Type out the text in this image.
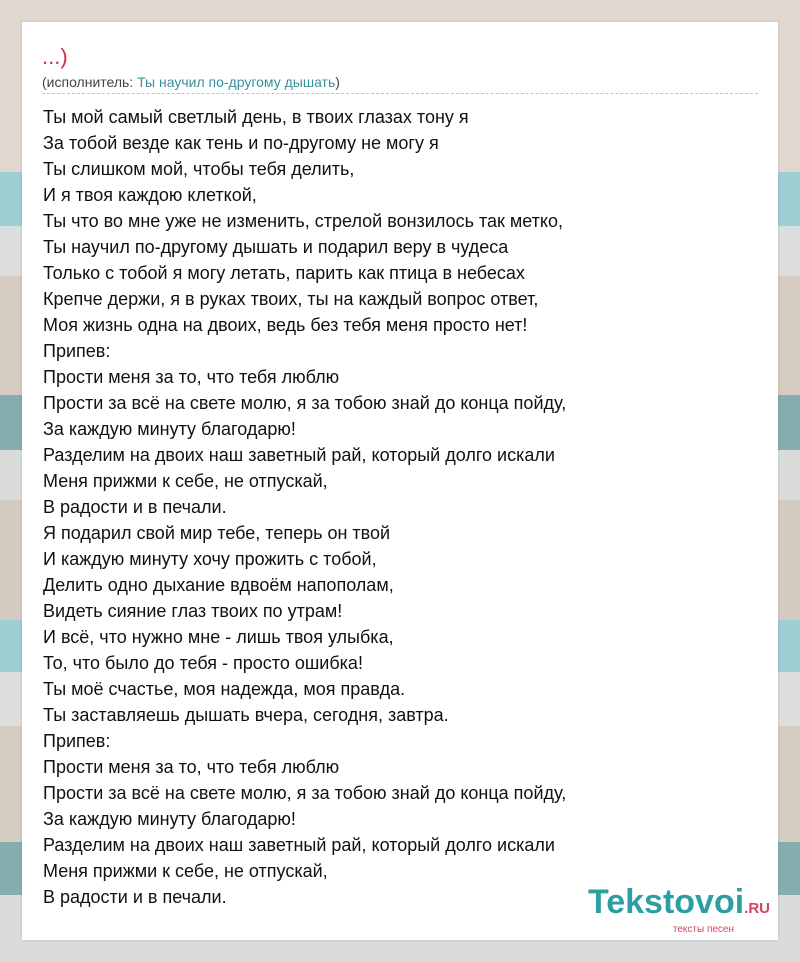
...)
(исполнитель: Ты научил по-другому дышать)
Ты мой самый светлый день, в твоих глазах тону я
За тобой везде как тень и по-другому не могу я
Ты слишком мой, чтобы тебя делить,
И я твоя каждою клеткой,
Ты что во мне уже не изменить, стрелой вонзилось так метко,
Ты научил по-другому дышать и подарил веру в чудеса
Только с тобой я могу летать, парить как птица в небесах
Крепче держи, я в руках твоих, ты на каждый вопрос ответ,
Моя жизнь одна на двоих, ведь без тебя меня просто нет!
Припев:
Прости меня за то, что тебя люблю
Прости за всё на свете молю, я за тобою знай до конца пойду,
За каждую минуту благодарю!
Разделим на двоих наш заветный рай, который долго искали
Меня прижми к себе, не отпускай,
В радости и в печали.
Я подарил свой мир тебе, теперь он твой
И каждую минуту хочу прожить с тобой,
Делить одно дыхание вдвоём напополам,
Видеть сияние глаз твоих по утрам!
И всё, что нужно мне - лишь твоя улыбка,
То, что было до тебя - просто ошибка!
Ты моё счастье, моя надежда, моя правда.
Ты заставляешь дышать вчера, сегодня, завтра.
Припев:
Прости меня за то, что тебя люблю
Прости за всё на свете молю, я за тобою знай до конца пойду,
За каждую минуту благодарю!
Разделим на двоих наш заветный рай, который долго искали
Меня прижми к себе, не отпускай,
В радости и в печали.	Tekstovoi.RU
тексты песен
